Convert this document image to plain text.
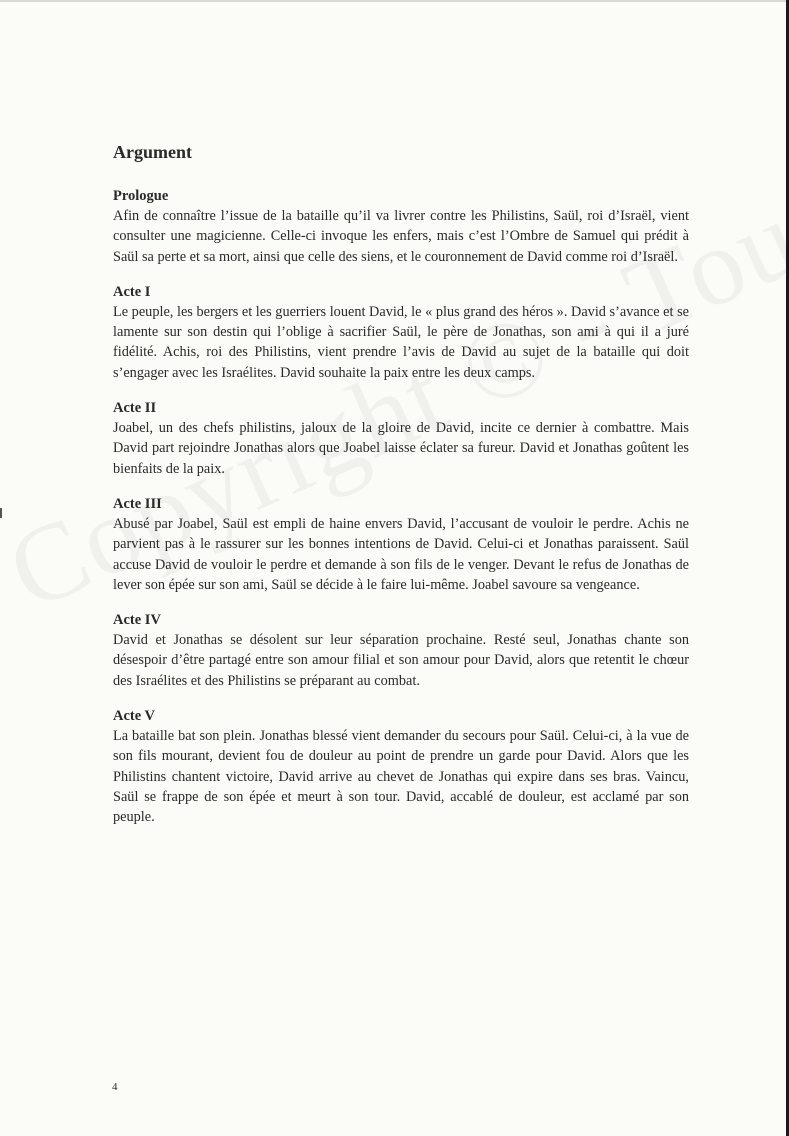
Argument
Prologue

Afin de connaître l’issue de la bataille qu’il va livrer contre les Philistins, Saül, roi d’Israël, vient consulter une magicienne. Celle-ci invoque les enfers, mais c’est l’Ombre de Samuel qui prédit à Saül sa perte et sa mort, ainsi que celle des siens, et le couronnement de David comme roi d’Israël.

Acte I

Le peuple, les bergers et les guerriers louent David, le « plus grand des héros ». David s’avance et se lamente sur son destin qui l’oblige à sacrifier Saül, le père de Jonathas, son ami à qui il a juré fidélité. Achis, roi des Philistins, vient prendre l’avis de David au sujet de la bataille qui doit s’engager avec les Israélites. David souhaite la paix entre les deux camps.

Acte II

Joabel, un des chefs philistins, jaloux de la gloire de David, incite ce dernier à combattre. Mais David part rejoindre Jonathas alors que Joabel laisse éclater sa fureur. David et Jonathas goûtent les bienfaits de la paix.

Acte III

Abusé par Joabel, Saül est empli de haine envers David, l’accusant de vouloir le perdre. Achis ne parvient pas à le rassurer sur les bonnes intentions de David. Celui-ci et Jonathas paraissent. Saül accuse David de vouloir le perdre et demande à son fils de le venger. Devant le refus de Jonathas de lever son épée sur son ami, Saül se décide à le faire lui-même. Joabel savoure sa vengeance.

Acte IV

David et Jonathas se désolent sur leur séparation prochaine. Resté seul, Jonathas chante son désespoir d’être partagé entre son amour filial et son amour pour David, alors que retentit le chœur des Israélites et des Philistins se préparant au combat.

Acte V

La bataille bat son plein. Jonathas blessé vient demander du secours pour Saül. Celui-ci, à la vue de son fils mourant, devient fou de douleur au point de prendre un garde pour David. Alors que les Philistins chantent victoire, David arrive au chevet de Jonathas qui expire dans ses bras. Vaincu, Saül se frappe de son épée et meurt à son tour. David, accablé de douleur, est acclamé par son peuple.

4
